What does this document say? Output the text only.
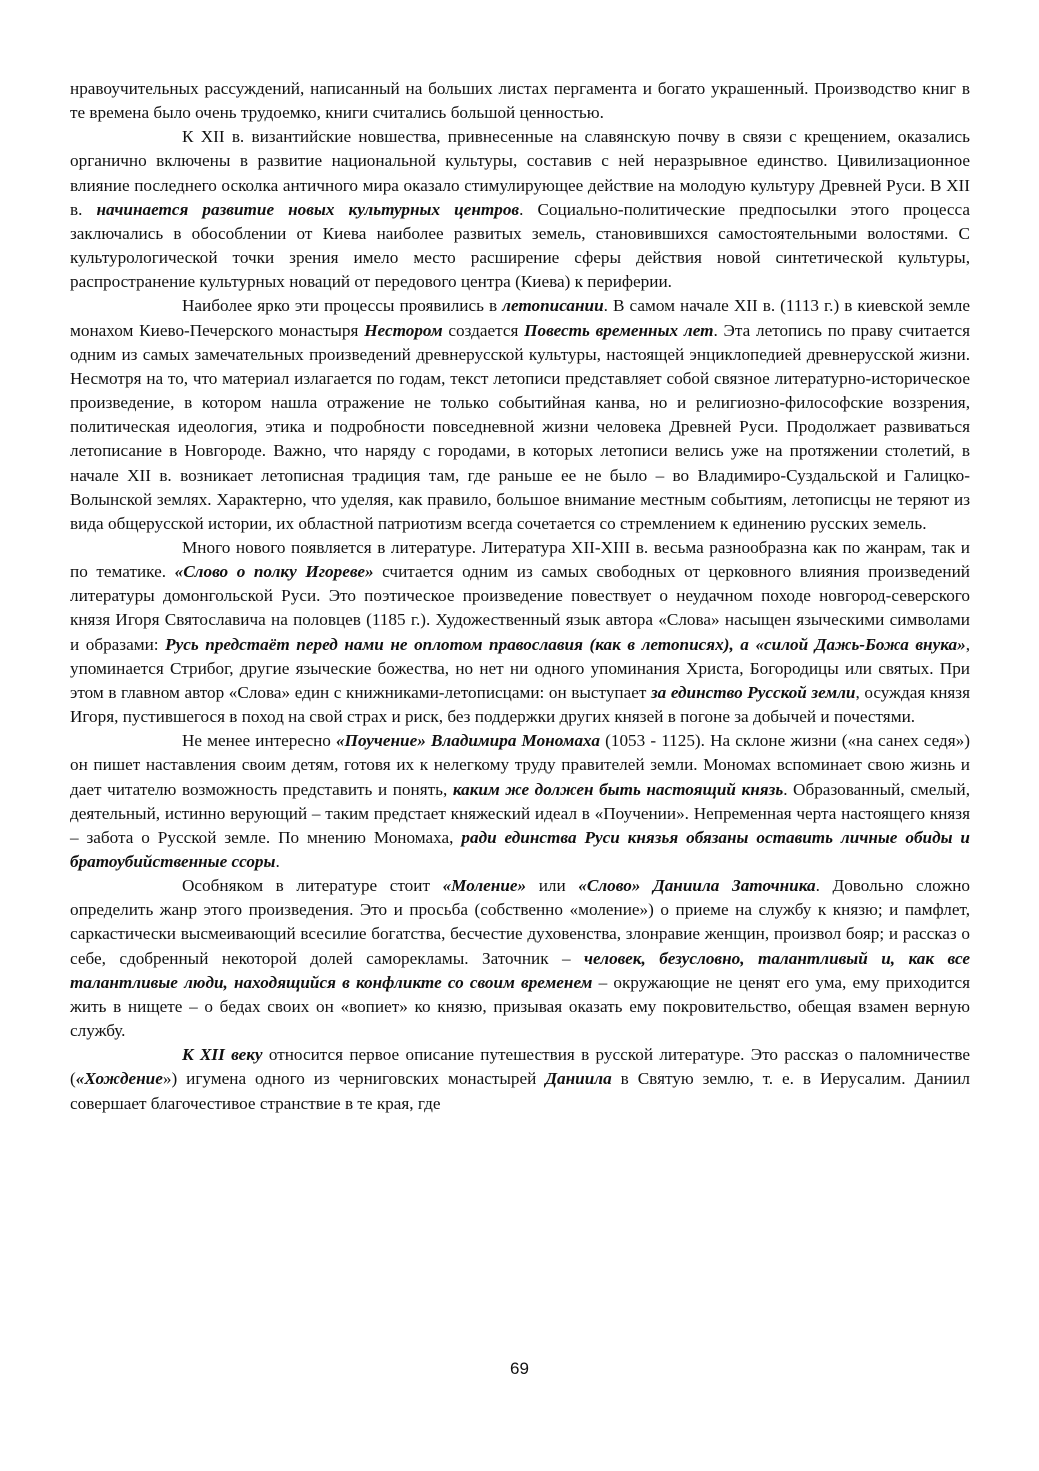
нравоучительных рассуждений, написанный на больших листах пергамента и богато украшенный. Производство книг в те времена было очень трудоемко, книги считались большой ценностью.

К XII в. византийские новшества, привнесенные на славянскую почву в связи с крещением, оказались органично включены в развитие национальной культуры, составив с ней неразрывное единство. Цивилизационное влияние последнего осколка античного мира оказало стимулирующее действие на молодую культуру Древней Руси. В XII в. начинается развитие новых культурных центров. Социально-политические предпосылки этого процесса заключались в обособлении от Киева наиболее развитых земель, становившихся самостоятельными волостями. С культурологической точки зрения имело место расширение сферы действия новой синтетической культуры, распространение культурных новаций от передового центра (Киева) к периферии.

Наиболее ярко эти процессы проявились в летописании. В самом начале XII в. (1113 г.) в киевской земле монахом Киево-Печерского монастыря Нестором создается Повесть временных лет. Эта летопись по праву считается одним из самых замечательных произведений древнерусской культуры, настоящей энциклопедией древнерусской жизни. Несмотря на то, что материал излагается по годам, текст летописи представляет собой связное литературно-историческое произведение, в котором нашла отражение не только событийная канва, но и религиозно-философские воззрения, политическая идеология, этика и подробности повседневной жизни человека Древней Руси. Продолжает развиваться летописание в Новгороде. Важно, что наряду с городами, в которых летописи велись уже на протяжении столетий, в начале XII в. возникает летописная традиция там, где раньше ее не было – во Владимиро-Суздальской и Галицко-Волынской землях. Характерно, что уделяя, как правило, большое внимание местным событиям, летописцы не теряют из вида общерусской истории, их областной патриотизм всегда сочетается со стремлением к единению русских земель.

Много нового появляется в литературе. Литература XII-XIII в. весьма разнообразна как по жанрам, так и по тематике. «Слово о полку Игореве» считается одним из самых свободных от церковного влияния произведений литературы домонгольской Руси. Это поэтическое произведение повествует о неудачном походе новгород-северского князя Игоря Святославича на половцев (1185 г.). Художественный язык автора «Слова» насыщен языческими символами и образами: Русь предстаёт перед нами не оплотом православия (как в летописях), а «силой Дажь-Божа внука», упоминается Стрибог, другие языческие божества, но нет ни одного упоминания Христа, Богородицы или святых. При этом в главном автор «Слова» един с книжниками-летописцами: он выступает за единство Русской земли, осуждая князя Игоря, пустившегося в поход на свой страх и риск, без поддержки других князей в погоне за добычей и почестями.

Не менее интересно «Поучение» Владимира Мономаха (1053 - 1125). На склоне жизни («на санех седя») он пишет наставления своим детям, готовя их к нелегкому труду правителей земли. Мономах вспоминает свою жизнь и дает читателю возможность представить и понять, каким же должен быть настоящий князь. Образованный, смелый, деятельный, истинно верующий – таким предстает княжеский идеал в «Поучении». Непременная черта настоящего князя – забота о Русской земле. По мнению Мономаха, ради единства Руси князья обязаны оставить личные обиды и братоубийственные ссоры.

Особняком в литературе стоит «Моление» или «Слово» Даниила Заточника. Довольно сложно определить жанр этого произведения. Это и просьба (собственно «моление») о приеме на службу к князю; и памфлет, саркастически высмеивающий всесилие богатства, бесчестие духовенства, злонравие женщин, произвол бояр; и рассказ о себе, сдобренный некоторой долей саморекламы. Заточник – человек, безусловно, талантливый и, как все талантливые люди, находящийся в конфликте со своим временем – окружающие не ценят его ума, ему приходится жить в нищете – о бедах своих он «вопиет» ко князю, призывая оказать ему покровительство, обещая взамен верную службу.

К XII веку относится первое описание путешествия в русской литературе. Это рассказ о паломничестве («Хождение») игумена одного из черниговских монастырей Даниила в Святую землю, т. е. в Иерусалим. Даниил совершает благочестивое странствие в те края, где

69
